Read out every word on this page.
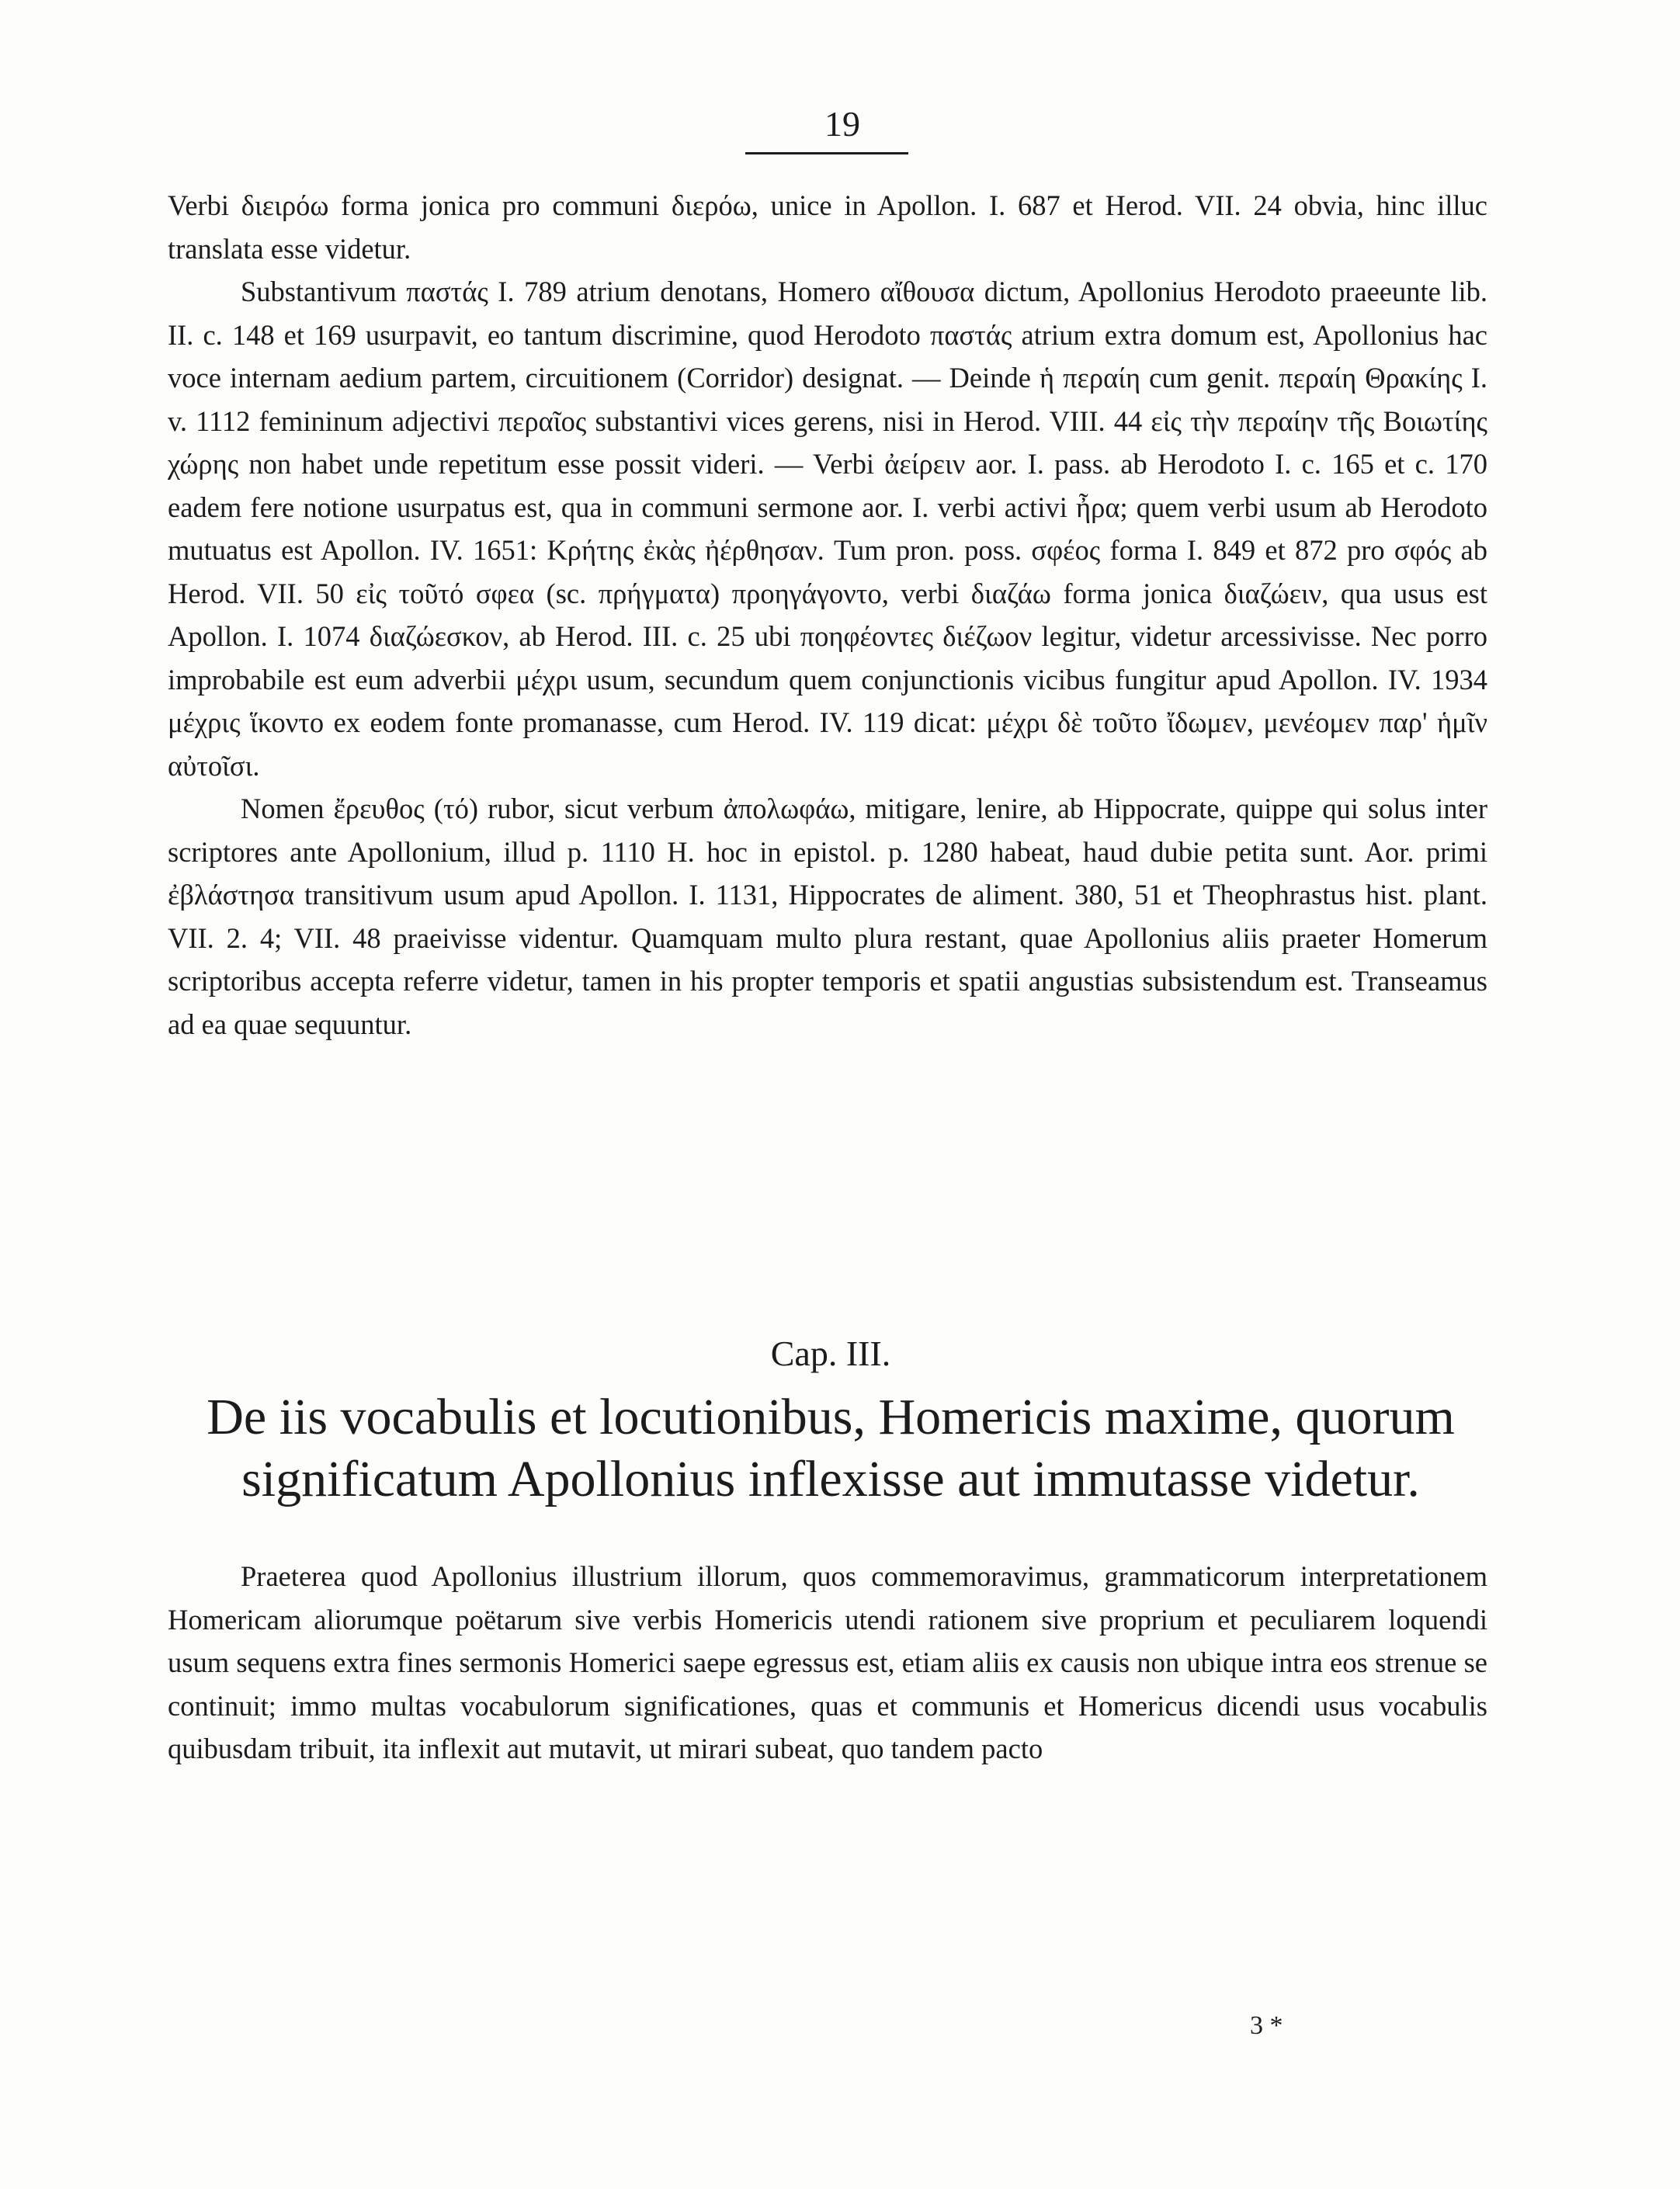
19

Verbi διειρόω forma jonica pro communi διερόω, unice in Apollon. I. 687 et Herod. VII. 24 obvia, hinc illuc translata esse videtur.

Substantivum παστάς I. 789 atrium denotans, Homero αἴθουσα dictum, Apollonius Herodoto praeeunte lib. II. c. 148 et 169 usurpavit, eo tantum discrimine, quod Herodoto παστάς atrium extra domum est, Apollonius hac voce internam aedium partem, circuitionem (Corridor) designat. — Deinde ἡ περαίη cum genit. περαίη Θρακίης I. v. 1112 femininum adjectivi περαῖος substantivi vices gerens, nisi in Herod. VIII. 44 εἰς τὴν περαίην τῆς Βοιωτίης χώρης non habet unde repetitum esse possit videri. — Verbi ἀείρειν aor. I. pass. ab Herodoto I. c. 165 et c. 170 eadem fere notione usurpatus est, qua in communi sermone aor. I. verbi activi ἦρα; quem verbi usum ab Herodoto mutuatus est Apollon. IV. 1651: Κρήτης ἐκὰς ἠέρθησαν. Tum pron. poss. σφέος forma I. 849 et 872 pro σφός ab Herod. VII. 50 εἰς τοῦτό σφεα (sc. πρήγματα) προηγάγοντο, verbi διαζάω forma jonica διαζώειν, qua usus est Apollon. I. 1074 διαζώεσκον, ab Herod. III. c. 25 ubi ποηφέοντες διέζωον legitur, videtur arcessivisse. Nec porro improbabile est eum adverbii μέχρι usum, secundum quem conjunctionis vicibus fungitur apud Apollon. IV. 1934 μέχρις ἵκοντο ex eodem fonte promanasse, cum Herod. IV. 119 dicat: μέχρι δὲ τοῦτο ἴδωμεν, μενέομεν παρ' ἡμῖν αὐτοῖσι.

Nomen ἔρευθος (τό) rubor, sicut verbum ἀπολωφάω, mitigare, lenire, ab Hippocrate, quippe qui solus inter scriptores ante Apollonium, illud p. 1110 H. hoc in epistol. p. 1280 habeat, haud dubie petita sunt. Aor. primi ἐβλάστησα transitivum usum apud Apollon. I. 1131, Hippocrates de aliment. 380, 51 et Theophrastus hist. plant. VII. 2. 4; VII. 48 praeivisse videntur. Quamquam multo plura restant, quae Apollonius aliis praeter Homerum scriptoribus accepta referre videtur, tamen in his propter temporis et spatii angustias subsistendum est. Transeamus ad ea quae sequuntur.

Cap. III.
De iis vocabulis et locutionibus, Homericis maxime, quorum significatum Apollonius inflexisse aut immutasse videtur.

Praeterea quod Apollonius illustrium illorum, quos commemoravimus, grammaticorum interpretationem Homericam aliorumque poëtarum sive verbis Homericis utendi rationem sive proprium et peculiarem loquendi usum sequens extra fines sermonis Homerici saepe egressus est, etiam aliis ex causis non ubique intra eos strenue se continuit; immo multas vocabulorum significationes, quas et communis et Homericus dicendi usus vocabulis quibusdam tribuit, ita inflexit aut mutavit, ut mirari subeat, quo tandem pacto

3 *
